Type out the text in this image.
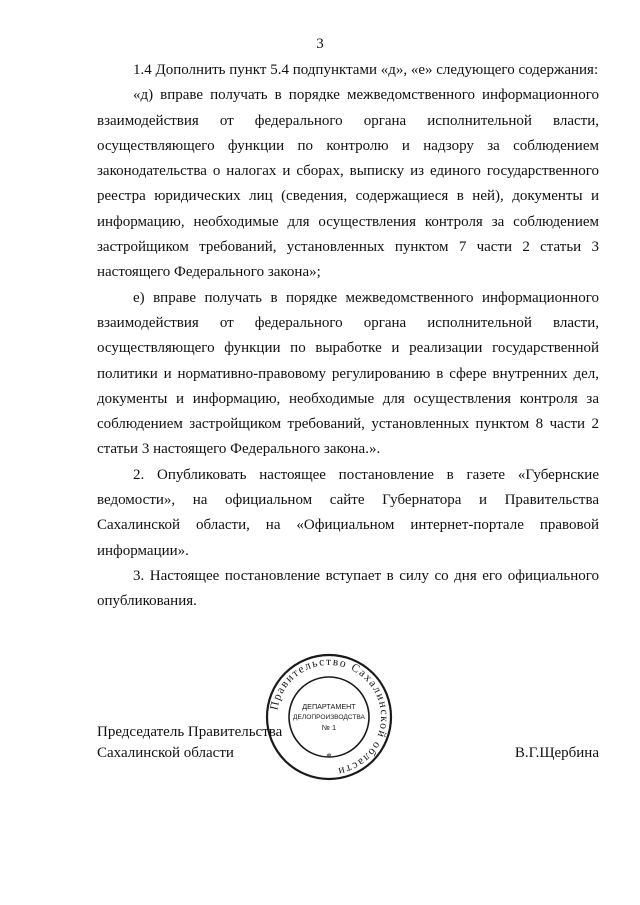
3

1.4 Дополнить пункт 5.4 подпунктами «д», «е» следующего содержания:

«д) вправе получать в порядке межведомственного информационного взаимодействия от федерального органа исполнительной власти, осуществляющего функции по контролю и надзору за соблюдением законодательства о налогах и сборах, выписку из единого государственного реестра юридических лиц (сведения, содержащиеся в ней), документы и информацию, необходимые для осуществления контроля за соблюдением застройщиком требований, установленных пунктом 7 части 2 статьи 3 настоящего Федерального закона»;

е) вправе получать в порядке межведомственного информационного взаимодействия от федерального органа исполнительной власти, осуществляющего функции по выработке и реализации государственной политики и нормативно-правовому регулированию в сфере внутренних дел, документы и информацию, необходимые для осуществления контроля за соблюдением застройщиком требований, установленных пунктом 8 части 2 статьи 3 настоящего Федерального закона.».

2. Опубликовать настоящее постановление в газете «Губернские ведомости», на официальном сайте Губернатора и Правительства Сахалинской области, на «Официальном интернет-портале правовой информации».

3. Настоящее постановление вступает в силу со дня его официального опубликования.

Правительство Сахалинской области
*
ДЕПАРТАМЕНТ
ДЕЛОПРОИЗВОДСТВА
№ 1
Председатель Правительства
Сахалинской области	В.Г.Щербина
